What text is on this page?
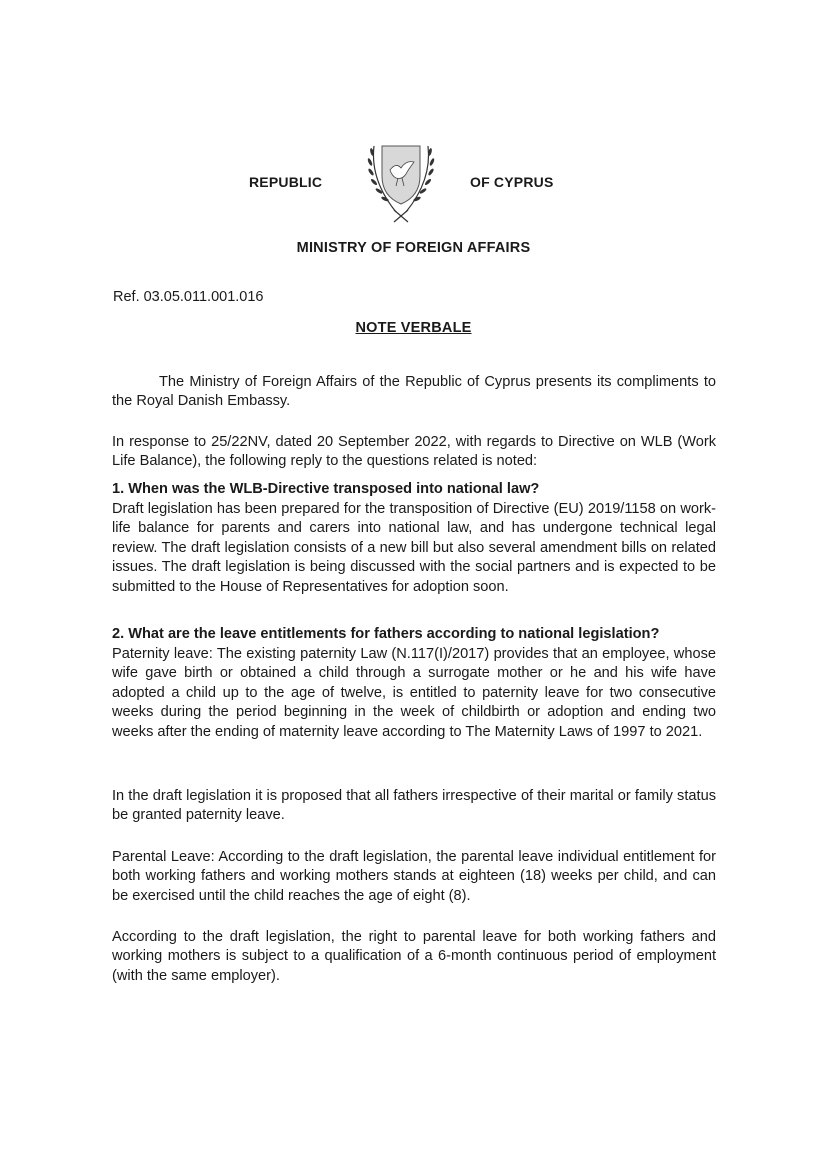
REPUBLIC	OF CYPRUS
MINISTRY OF FOREIGN AFFAIRS
Ref. 03.05.011.001.016
NOTE VERBALE

The Ministry of Foreign Affairs of the Republic of Cyprus presents its compliments to the Royal Danish Embassy.

In response to 25/22NV, dated 20 September 2022, with regards to Directive on WLB (Work Life Balance), the following reply to the questions related is noted:

1. When was the WLB-Directive transposed into national law?

Draft legislation has been prepared for the transposition of Directive (EU) 2019/1158 on work-life balance for parents and carers into national law, and has undergone technical legal review. The draft legislation consists of a new bill but also several amendment bills on related issues. The draft legislation is being discussed with the social partners and is expected to be submitted to the House of Representatives for adoption soon.

2. What are the leave entitlements for fathers according to national legislation?

Paternity leave: The existing paternity Law (N.117(I)/2017) provides that an employee, whose wife gave birth or obtained a child through a surrogate mother or he and his wife have adopted a child up to the age of twelve, is entitled to paternity leave for two consecutive weeks during the period beginning in the week of childbirth or adoption and ending two weeks after the ending of maternity leave according to The Maternity Laws of 1997 to 2021.

In the draft legislation it is proposed that all fathers irrespective of their marital or family status be granted paternity leave.

Parental Leave: According to the draft legislation, the parental leave individual entitlement for both working fathers and working mothers stands at eighteen (18) weeks per child, and can be exercised until the child reaches the age of eight (8).

According to the draft legislation, the right to parental leave for both working fathers and working mothers is subject to a qualification of a 6-month continuous period of employment (with the same employer).
